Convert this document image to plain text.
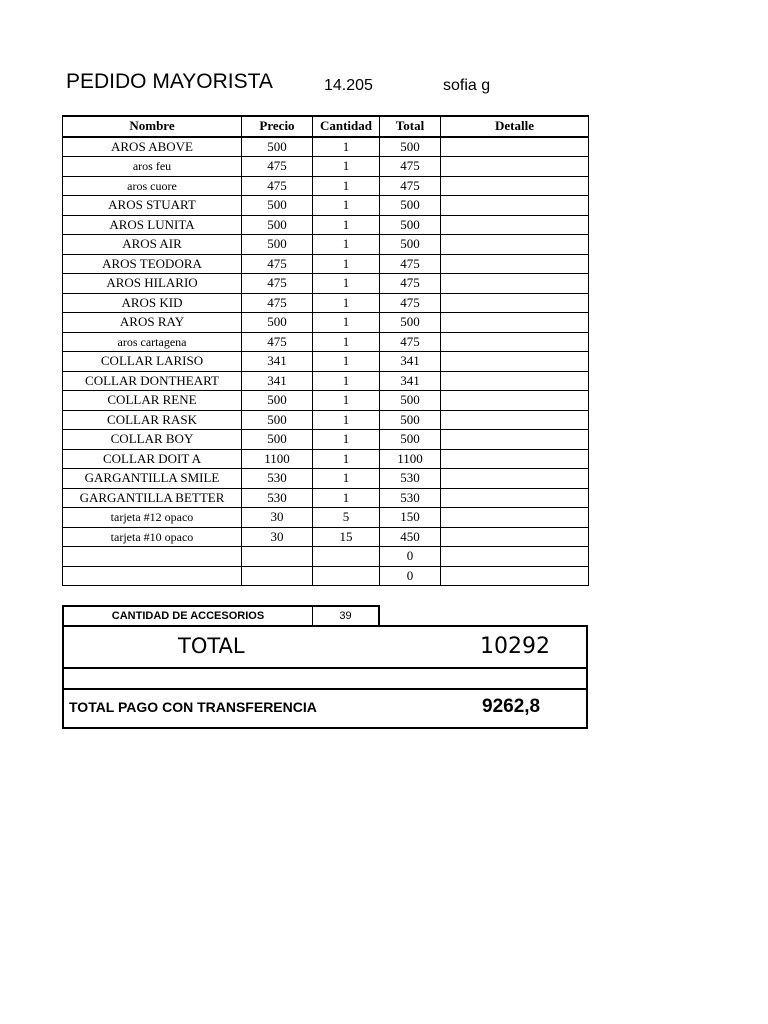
PEDIDO MAYORISTA	14.205	sofia g
Nombre	Precio	Cantidad	Total	Detalle
AROS ABOVE	500	1	500	
aros feu	475	1	475	
aros cuore	475	1	475	
AROS STUART	500	1	500	
AROS LUNITA	500	1	500	
AROS AIR	500	1	500	
AROS TEODORA	475	1	475	
AROS HILARIO	475	1	475	
AROS KID	475	1	475	
AROS RAY	500	1	500	
aros cartagena	475	1	475	
COLLAR LARISO	341	1	341	
COLLAR DONTHEART	341	1	341	
COLLAR RENE	500	1	500	
COLLAR RASK	500	1	500	
COLLAR BOY	500	1	500	
COLLAR DOIT A	1100	1	1100	
GARGANTILLA SMILE	530	1	530	
GARGANTILLA BETTER	530	1	530	
tarjeta #12 opaco	30	5	150	
tarjeta #10 opaco	30	15	450	
			0	
			0	
CANTIDAD DE ACCESORIOS	39
TOTAL	10292
TOTAL PAGO CON TRANSFERENCIA	9262,8
